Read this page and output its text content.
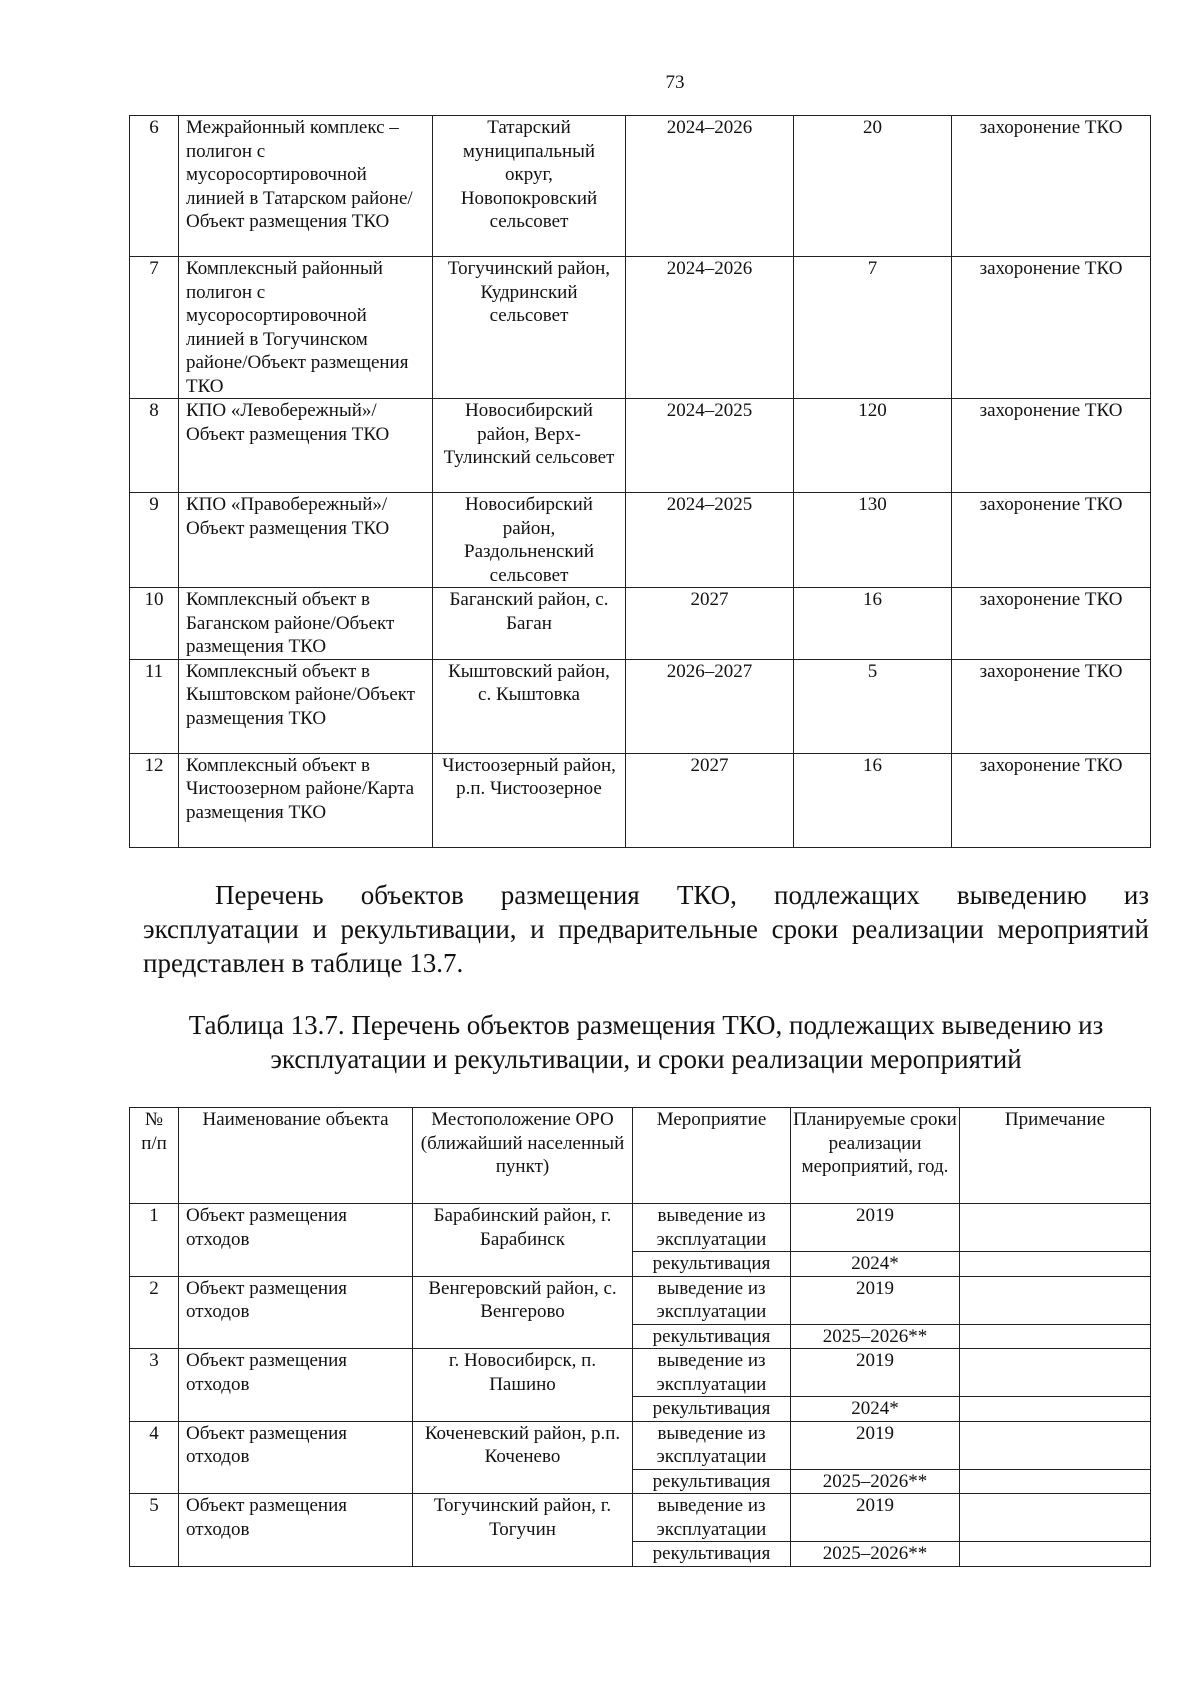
73
6	Межрайонный комплекс – полигон с мусоросортировочной линией в Татарском районе/Объект размещения ТКО	Татарский муниципальный округ, Новопокровский сельсовет	2024–2026	20	захоронение ТКО
7	Комплексный районный полигон с мусоросортировочной линией в Тогучинском районе/Объект размещения ТКО	Тогучинский район, Кудринский сельсовет	2024–2026	7	захоронение ТКО
8	КПО «Левобережный»/ Объект размещения ТКО	Новосибирский район, Верх-Тулинский сельсовет	2024–2025	120	захоронение ТКО
9	КПО «Правобережный»/Объект размещения ТКО	Новосибирский район, Раздольненский сельсовет	2024–2025	130	захоронение ТКО
10	Комплексный объект в Баганском районе/Объект размещения ТКО	Баганский район, с. Баган	2027	16	захоронение ТКО
11	Комплексный объект в Кыштовском районе/Объект размещения ТКО	Кыштовский район, с. Кыштовка	2026–2027	5	захоронение ТКО
12	Комплексный объект в Чистоозерном районе/Карта размещения ТКО	Чистоозерный район, р.п. Чистоозерное	2027	16	захоронение ТКО
Перечень объектов размещения ТКО, подлежащих выведению из
эксплуатации и рекультивации, и предварительные сроки реализации мероприятий представлен в таблице 13.7.
Таблица 13.7. Перечень объектов размещения ТКО, подлежащих выведению из эксплуатации и рекультивации, и сроки реализации мероприятий
№ п/п	Наименование объекта	Местоположение ОРО (ближайший населенный пункт)	Мероприятие	Планируемые сроки реализации мероприятий, год.	Примечание
1	Объект размещения отходов	Барабинский район, г. Барабинск	выведение из эксплуатации	2019	
			рекультивация	2024*	
2	Объект размещения отходов	Венгеровский район, с. Венгерово	выведение из эксплуатации	2019	
			рекультивация	2025–2026**	
3	Объект размещения отходов	г. Новосибирск, п. Пашино	выведение из эксплуатации	2019	
			рекультивация	2024*	
4	Объект размещения отходов	Коченевский район, р.п. Коченево	выведение из эксплуатации	2019	
			рекультивация	2025–2026**	
5	Объект размещения отходов	Тогучинский район, г. Тогучин	выведение из эксплуатации	2019	
			рекультивация	2025–2026**	
